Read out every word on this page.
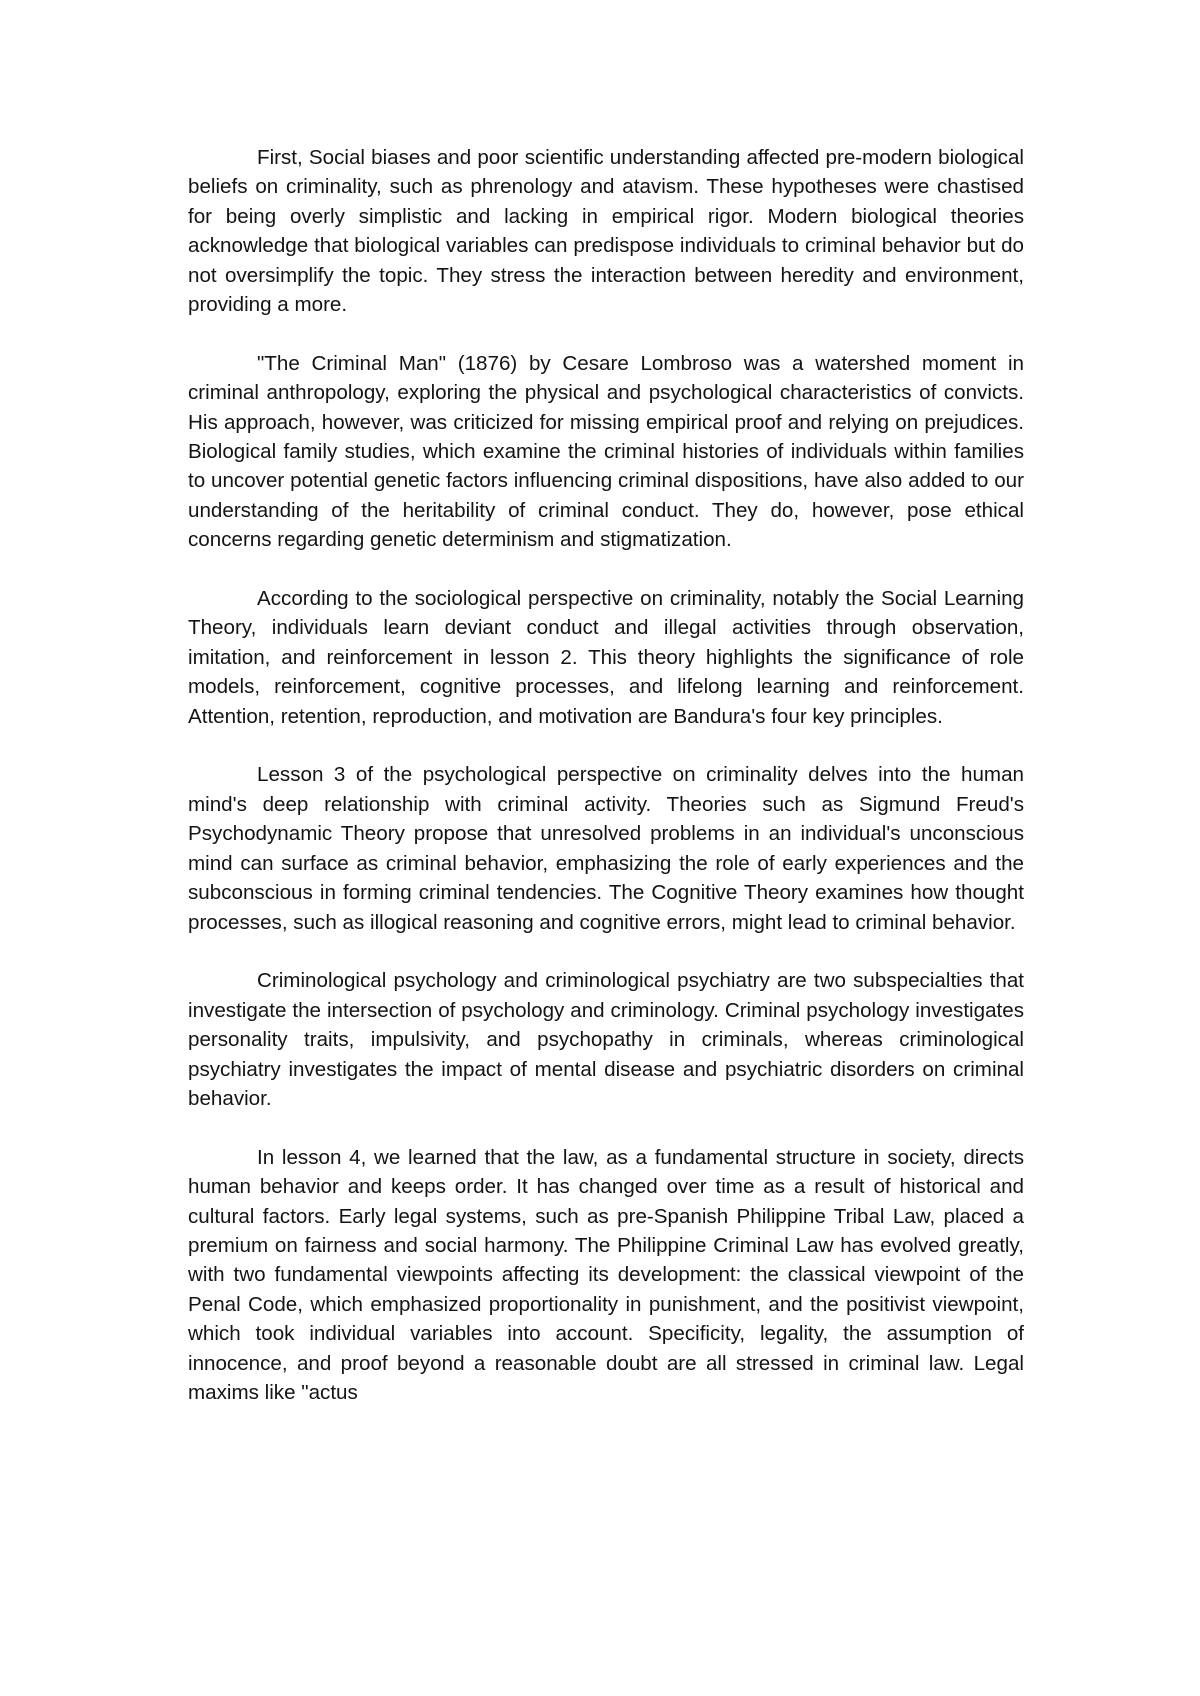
First, Social biases and poor scientific understanding affected pre-modern biological beliefs on criminality, such as phrenology and atavism. These hypotheses were chastised for being overly simplistic and lacking in empirical rigor. Modern biological theories acknowledge that biological variables can predispose individuals to criminal behavior but do not oversimplify the topic. They stress the interaction between heredity and environment, providing a more.

"The Criminal Man" (1876) by Cesare Lombroso was a watershed moment in criminal anthropology, exploring the physical and psychological characteristics of convicts. His approach, however, was criticized for missing empirical proof and relying on prejudices. Biological family studies, which examine the criminal histories of individuals within families to uncover potential genetic factors influencing criminal dispositions, have also added to our understanding of the heritability of criminal conduct. They do, however, pose ethical concerns regarding genetic determinism and stigmatization.

According to the sociological perspective on criminality, notably the Social Learning Theory, individuals learn deviant conduct and illegal activities through observation, imitation, and reinforcement in lesson 2. This theory highlights the significance of role models, reinforcement, cognitive processes, and lifelong learning and reinforcement. Attention, retention, reproduction, and motivation are Bandura's four key principles.

Lesson 3 of the psychological perspective on criminality delves into the human mind's deep relationship with criminal activity. Theories such as Sigmund Freud's Psychodynamic Theory propose that unresolved problems in an individual's unconscious mind can surface as criminal behavior, emphasizing the role of early experiences and the subconscious in forming criminal tendencies. The Cognitive Theory examines how thought processes, such as illogical reasoning and cognitive errors, might lead to criminal behavior.

Criminological psychology and criminological psychiatry are two subspecialties that investigate the intersection of psychology and criminology. Criminal psychology investigates personality traits, impulsivity, and psychopathy in criminals, whereas criminological psychiatry investigates the impact of mental disease and psychiatric disorders on criminal behavior.

In lesson 4, we learned that the law, as a fundamental structure in society, directs human behavior and keeps order. It has changed over time as a result of historical and cultural factors. Early legal systems, such as pre-Spanish Philippine Tribal Law, placed a premium on fairness and social harmony. The Philippine Criminal Law has evolved greatly, with two fundamental viewpoints affecting its development: the classical viewpoint of the Penal Code, which emphasized proportionality in punishment, and the positivist viewpoint, which took individual variables into account. Specificity, legality, the assumption of innocence, and proof beyond a reasonable doubt are all stressed in criminal law. Legal maxims like "actus
